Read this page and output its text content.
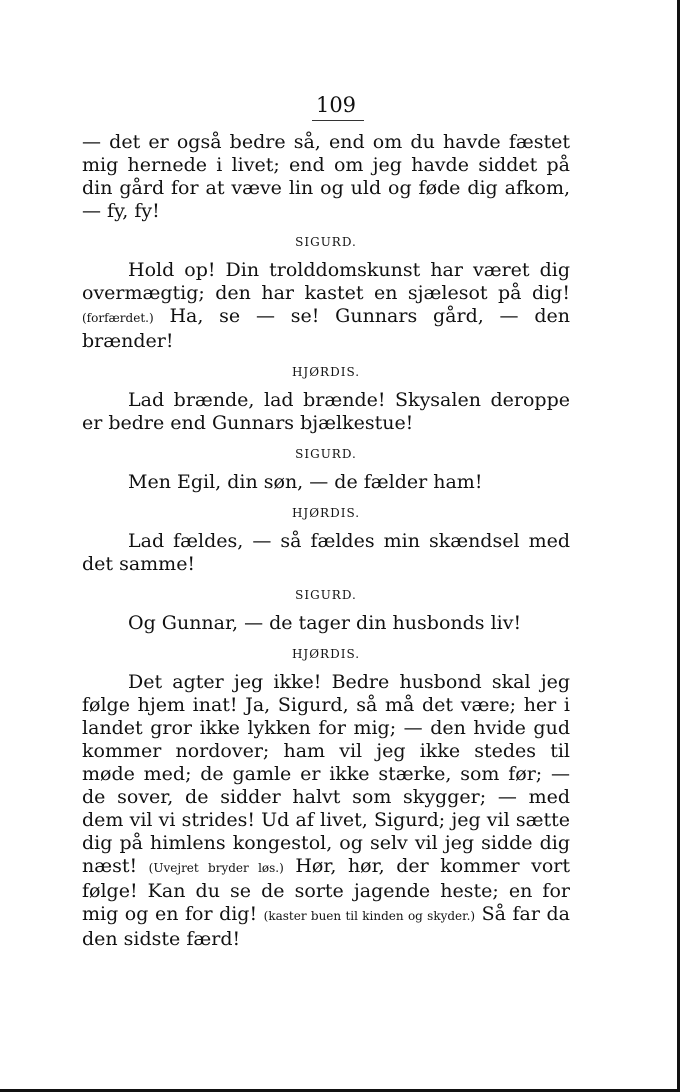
109

— det er også bedre så, end om du havde fæstet mig hernede i livet; end om jeg havde siddet på din gård for at væve lin og uld og føde dig afkom, — fy, fy!

SIGURD.

Hold op! Din trolddomskunst har været dig overmægtig; den har kastet en sjælesot på dig! (forfærdet.) Ha, se — se! Gunnars gård, — den brænder!

HJØRDIS.

Lad brænde, lad brænde! Skysalen deroppe er bedre end Gunnars bjælkestue!

SIGURD.

Men Egil, din søn, — de fælder ham!

HJØRDIS.

Lad fældes, — så fældes min skændsel med det samme!

SIGURD.

Og Gunnar, — de tager din husbonds liv!

HJØRDIS.

Det agter jeg ikke! Bedre husbond skal jeg følge hjem inat! Ja, Sigurd, så må det være; her i landet gror ikke lykken for mig; — den hvide gud kommer nordover; ham vil jeg ikke stedes til møde med; de gamle er ikke stærke, som før; — de sover, de sidder halvt som skygger; — med dem vil vi strides! Ud af livet, Sigurd; jeg vil sætte dig på himlens kongestol, og selv vil jeg sidde dig næst! (Uvejret bryder løs.) Hør, hør, der kommer vort følge! Kan du se de sorte jagende heste; en for mig og en for dig! (kaster buen til kinden og skyder.) Så far da den sidste færd!
